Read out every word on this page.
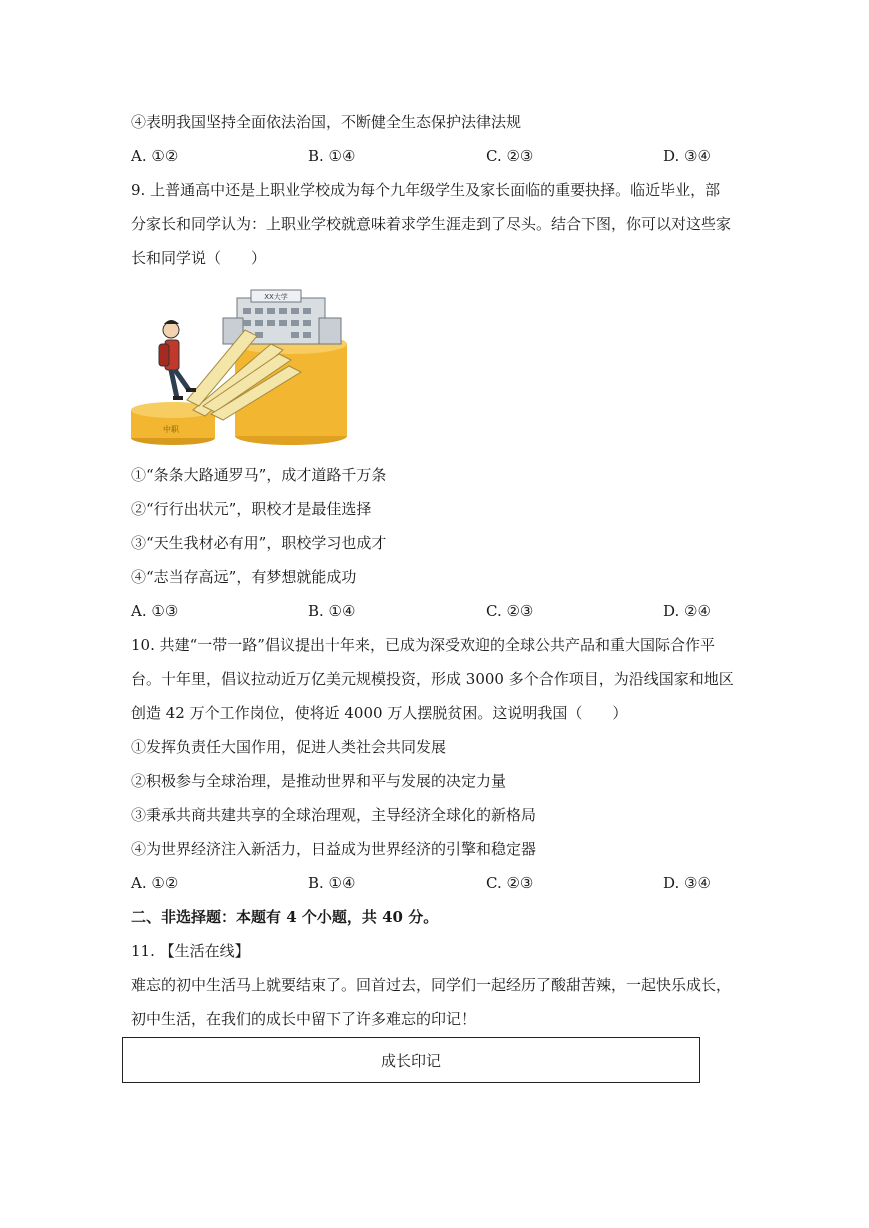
④表明我国坚持全面依法治国，不断健全生态保护法律法规
A. ①②	B. ①④	C. ②③	D. ③④
9. 上普通高中还是上职业学校成为每个九年级学生及家长面临的重要抉择。临近毕业，部
分家长和同学认为：上职业学校就意味着求学生涯走到了尽头。结合下图，你可以对这些家
长和同学说（　　）
XX大学
中职
①“条条大路通罗马”，成才道路千万条
②“行行出状元”，职校才是最佳选择
③“天生我材必有用”，职校学习也成才
④“志当存高远”，有梦想就能成功
A. ①③	B. ①④	C. ②③	D. ②④
10. 共建“一带一路”倡议提出十年来，已成为深受欢迎的全球公共产品和重大国际合作平
台。十年里，倡议拉动近万亿美元规模投资，形成 3000 多个合作项目，为沿线国家和地区
创造 42 万个工作岗位，使将近 4000 万人摆脱贫困。这说明我国（　　）
①发挥负责任大国作用，促进人类社会共同发展
②积极参与全球治理，是推动世界和平与发展的决定力量
③秉承共商共建共享的全球治理观，主导经济全球化的新格局
④为世界经济注入新活力，日益成为世界经济的引擎和稳定器
A. ①②	B. ①④	C. ②③	D. ③④
二、非选择题：本题有 4 个小题，共 40 分。
11. 【生活在线】
难忘的初中生活马上就要结束了。回首过去，同学们一起经历了酸甜苦辣，一起快乐成长，
初中生活，在我们的成长中留下了许多难忘的印记！
成长印记
